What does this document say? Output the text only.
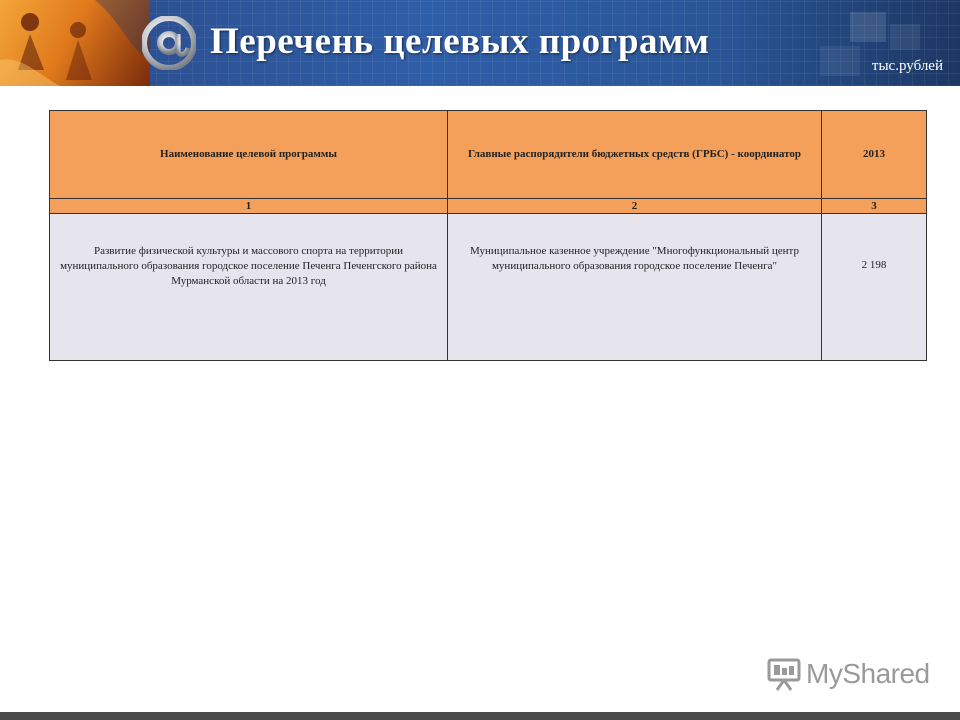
Перечень целевых программ
тыс.рублей
Наименование целевой программы	Главные распорядители бюджетных средств (ГРБС) - координатор	2013
1	2	3
Развитие физической культуры и массового спорта на территории муниципального образования городское поселение Печенга Печенгского района Мурманской области на 2013 год	Муниципальное казенное учреждение "Многофункциональный центр муниципального образования городское поселение Печенга"	2 198
MyShared
